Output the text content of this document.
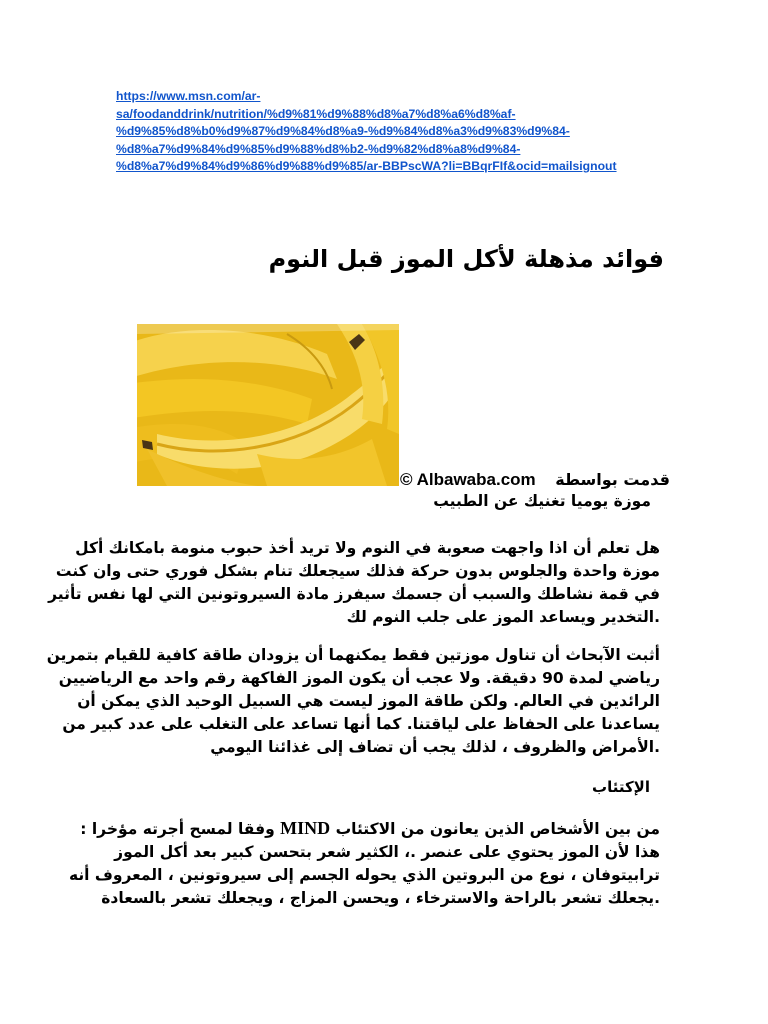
https://www.msn.com/ar-
sa/foodanddrink/nutrition/%d9%81%d9%88%d8%a7%d8%a6%d8%af-
%d9%85%d8%b0%d9%87%d9%84%d8%a9-%d9%84%d8%a3%d9%83%d9%84-
%d8%a7%d9%84%d9%85%d9%88%d8%b2-%d9%82%d8%a8%d9%84-
%d8%a7%d9%84%d9%86%d9%88%d9%85/ar-BBPscWA?li=BBqrFIf&ocid=mailsignout
فوائد مذهلة لأكل الموز قبل النوم

© Albawaba.com قدمت بواسطة

موزة يوميا تغنيك عن الطبيب

هل تعلم أن اذا واجهت صعوبة في النوم ولا تريد أخذ حبوب منومة بامكانك أكل
موزة واحدة والجلوس بدون حركة فذلك سيجعلك تنام بشكل فوري حتى وان كنت
في قمة نشاطك والسبب أن جسمك سيفرز مادة السيروتونين التي لها نفس تأثير
.التخدير ويساعد الموز على جلب النوم لك

أثبت الآبحاث أن تناول موزتين فقط يمكنهما أن يزودان طاقة كافية للقيام بتمرين
رياضي لمدة 90 دقيقة. ولا عجب أن يكون الموز الفاكهة رقم واحد مع الرياضيين
الرائدين في العالم. ولكن طاقة الموز ليست هي السبيل الوحيد الذي يمكن أن
يساعدنا على الحفاظ على لياقتنا. كما أنها تساعد على التغلب على عدد كبير من
.الأمراض والظروف ، لذلك يجب أن تضاف إلى غذائنا اليومي

الإكتئاب

من بين الأشخاص الذين يعانون من الاكتئاب MIND وفقا لمسح أجرته مؤخرا :
هذا لأن الموز يحتوي على عنصر .، الكثير شعر بتحسن كبير بعد أكل الموز
ترابيتوفان ، نوع من البروتين الذي يحوله الجسم إلى سيروتونين ، المعروف أنه
.يجعلك تشعر بالراحة والاسترخاء ، ويحسن المزاج ، ويجعلك تشعر بالسعادة
